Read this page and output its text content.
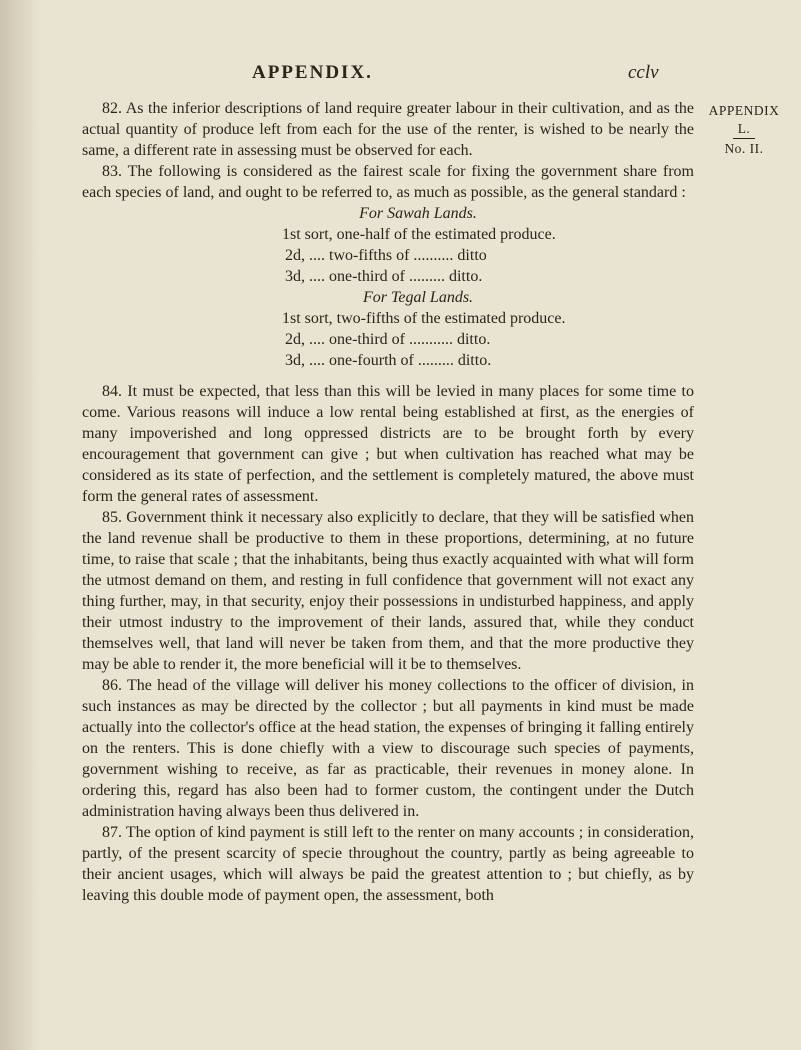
APPENDIX.	cclv
APPENDIX
L.
No. II.

82. As the inferior descriptions of land require greater labour in their cultivation, and as the actual quantity of produce left from each for the use of the renter, is wished to be nearly the same, a different rate in assessing must be observed for each.

83. The following is considered as the fairest scale for fixing the government share from each species of land, and ought to be referred to, as much as possible, as the general standard :

For Sawah Lands.

1st sort, one-half of the estimated produce.

2d, .... two-fifths of .......... ditto

3d, .... one-third of ......... ditto.

For Tegal Lands.

1st sort, two-fifths of the estimated produce.

2d, .... one-third of ........... ditto.

3d, .... one-fourth of ......... ditto.

84. It must be expected, that less than this will be levied in many places for some time to come. Various reasons will induce a low rental being established at first, as the energies of many impoverished and long oppressed districts are to be brought forth by every encouragement that government can give ; but when cultivation has reached what may be considered as its state of perfection, and the settlement is completely matured, the above must form the general rates of assessment.

85. Government think it necessary also explicitly to declare, that they will be satisfied when the land revenue shall be productive to them in these proportions, determining, at no future time, to raise that scale ; that the inhabitants, being thus exactly acquainted with what will form the utmost demand on them, and resting in full confidence that government will not exact any thing further, may, in that security, enjoy their possessions in undisturbed happiness, and apply their utmost industry to the improvement of their lands, assured that, while they conduct themselves well, that land will never be taken from them, and that the more productive they may be able to render it, the more beneficial will it be to themselves.

86. The head of the village will deliver his money collections to the officer of division, in such instances as may be directed by the collector ; but all payments in kind must be made actually into the collector's office at the head station, the expenses of bringing it falling entirely on the renters. This is done chiefly with a view to discourage such species of payments, government wishing to receive, as far as practicable, their revenues in money alone. In ordering this, regard has also been had to former custom, the contingent under the Dutch administration having always been thus delivered in.

87. The option of kind payment is still left to the renter on many accounts ; in consideration, partly, of the present scarcity of specie throughout the country, partly as being agreeable to their ancient usages, which will always be paid the greatest attention to ; but chiefly, as by leaving this double mode of payment open, the assessment, both
